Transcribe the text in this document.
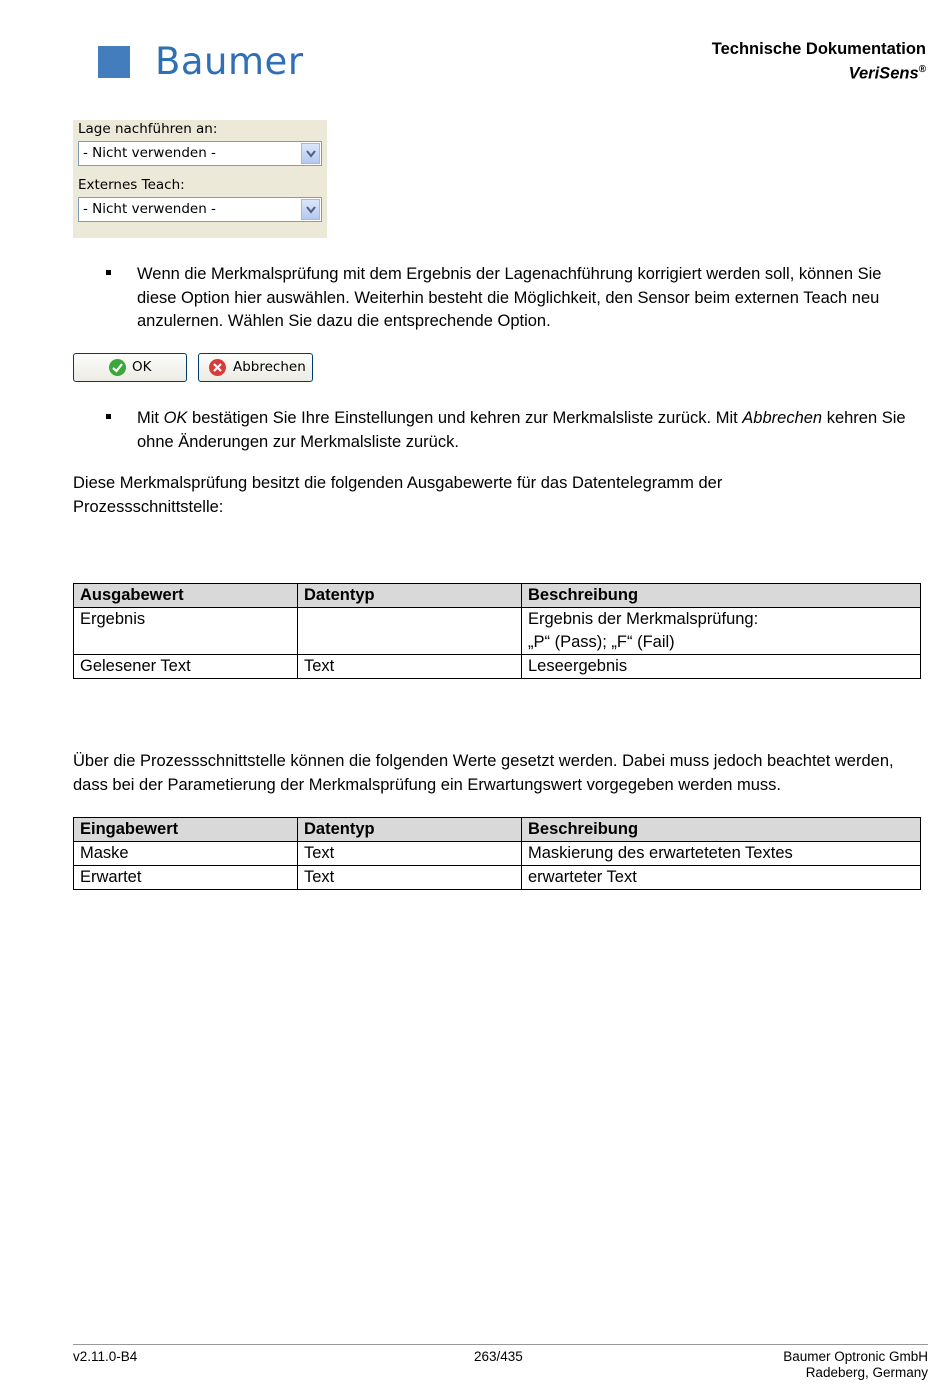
Baumer	Technische Dokumentation
VeriSens®
Lage nachführen an:
- Nicht verwenden -
Externes Teach:
- Nicht verwenden -
Wenn die Merkmalsprüfung mit dem Ergebnis der Lagenachführung korrigiert werden soll, können Sie diese Option hier auswählen. Weiterhin besteht die Möglichkeit, den Sensor beim externen Teach neu anzulernen. Wählen Sie dazu die entsprechende Option.
OK	Abbrechen
Mit OK bestätigen Sie Ihre Einstellungen und kehren zur Merkmalsliste zurück. Mit Abbrechen kehren Sie ohne Änderungen zur Merkmalsliste zurück.
Diese Merkmalsprüfung besitzt die folgenden Ausgabewerte für das Datentelegramm der Prozessschnittstelle:
Ausgabewert	Datentyp	Beschreibung
Ergebnis		Ergebnis der Merkmalsprüfung:
„P“ (Pass); „F“ (Fail)

Gelesener Text	Text	Leseergebnis
Über die Prozessschnittstelle können die folgenden Werte gesetzt werden. Dabei muss jedoch beachtet werden, dass bei der Parametierung der Merkmalsprüfung ein Erwartungswert vorgegeben werden muss.
Eingabewert	Datentyp	Beschreibung
Maske	Text	Maskierung des erwarteteten Textes
Erwartet	Text	erwarteter Text
v2.11.0-B4	263/435	Baumer Optronic GmbH
Radeberg, Germany
